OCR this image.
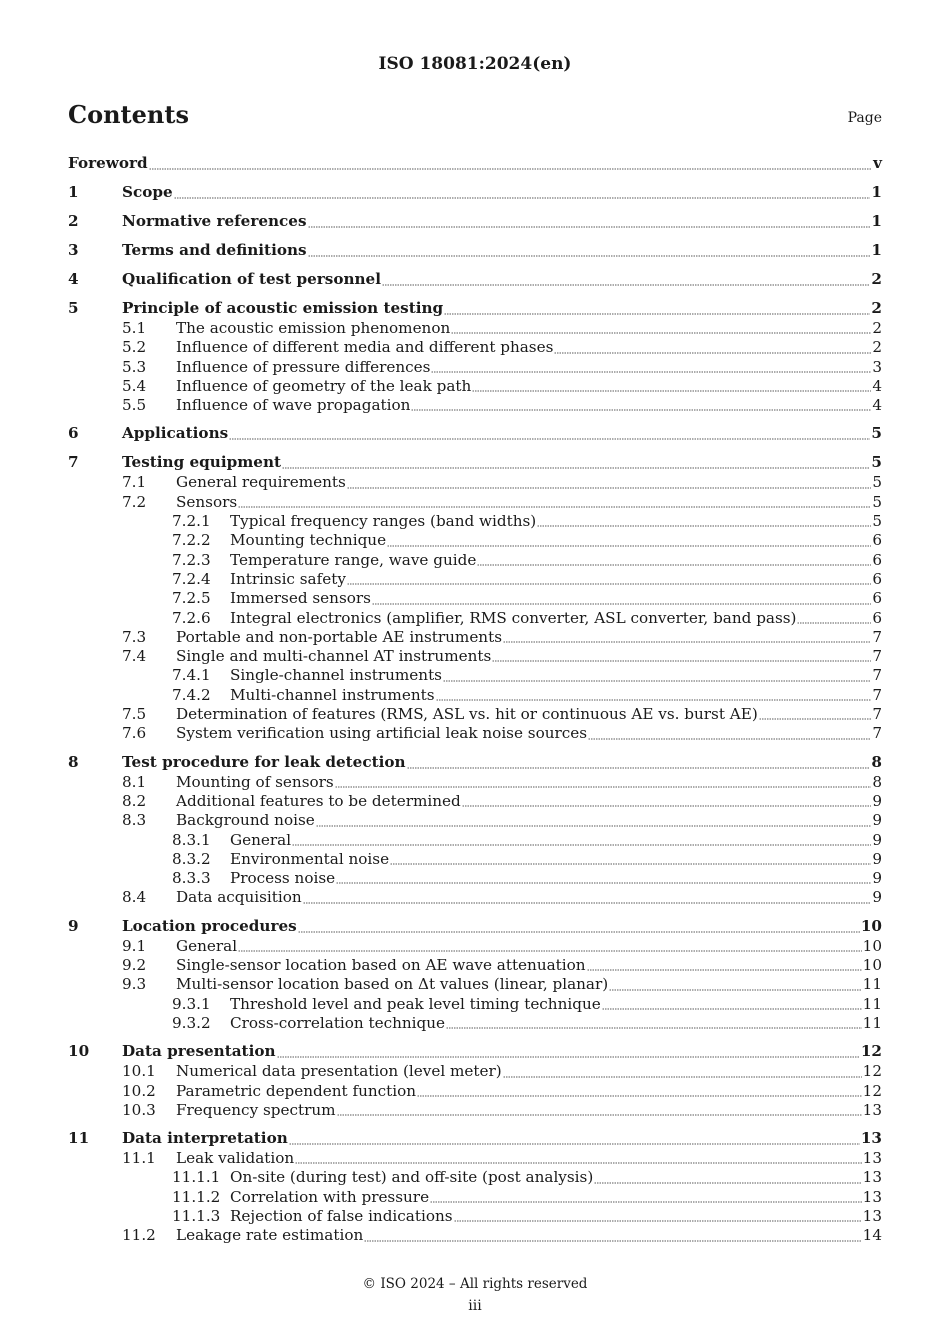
ISO 18081:2024(en)
Contents	Page
Foreword	v
1	Scope	1
2	Normative references	1
3	Terms and definitions	1
4	Qualification of test personnel	2
5	Principle of acoustic emission testing	2
5.1	The acoustic emission phenomenon	2
5.2	Influence of different media and different phases	2
5.3	Influence of pressure differences	3
5.4	Influence of geometry of the leak path	4
5.5	Influence of wave propagation	4
6	Applications	5
7	Testing equipment	5
7.1	General requirements	5
7.2	Sensors	5
7.2.1	Typical frequency ranges (band widths)	5
7.2.2	Mounting technique	6
7.2.3	Temperature range, wave guide	6
7.2.4	Intrinsic safety	6
7.2.5	Immersed sensors	6
7.2.6	Integral electronics (amplifier, RMS converter, ASL converter, band pass)	6
7.3	Portable and non-portable AE instruments	7
7.4	Single and multi-channel AT instruments	7
7.4.1	Single-channel instruments	7
7.4.2	Multi-channel instruments	7
7.5	Determination of features (RMS, ASL vs. hit or continuous AE vs. burst AE)	7
7.6	System verification using artificial leak noise sources	7
8	Test procedure for leak detection	8
8.1	Mounting of sensors	8
8.2	Additional features to be determined	9
8.3	Background noise	9
8.3.1	General	9
8.3.2	Environmental noise	9
8.3.3	Process noise	9
8.4	Data acquisition	9
9	Location procedures	10
9.1	General	10
9.2	Single-sensor location based on AE wave attenuation	10
9.3	Multi-sensor location based on Δt values (linear, planar)	11
9.3.1	Threshold level and peak level timing technique	11
9.3.2	Cross-correlation technique	11
10	Data presentation	12
10.1	Numerical data presentation (level meter)	12
10.2	Parametric dependent function	12
10.3	Frequency spectrum	13
11	Data interpretation	13
11.1	Leak validation	13
11.1.1 On-site (during test) and off-site (post analysis)	13
11.1.2 Correlation with pressure	13
11.1.3 Rejection of false indications	13
11.2	Leakage rate estimation	14
© ISO 2024 – All rights reserved
iii
